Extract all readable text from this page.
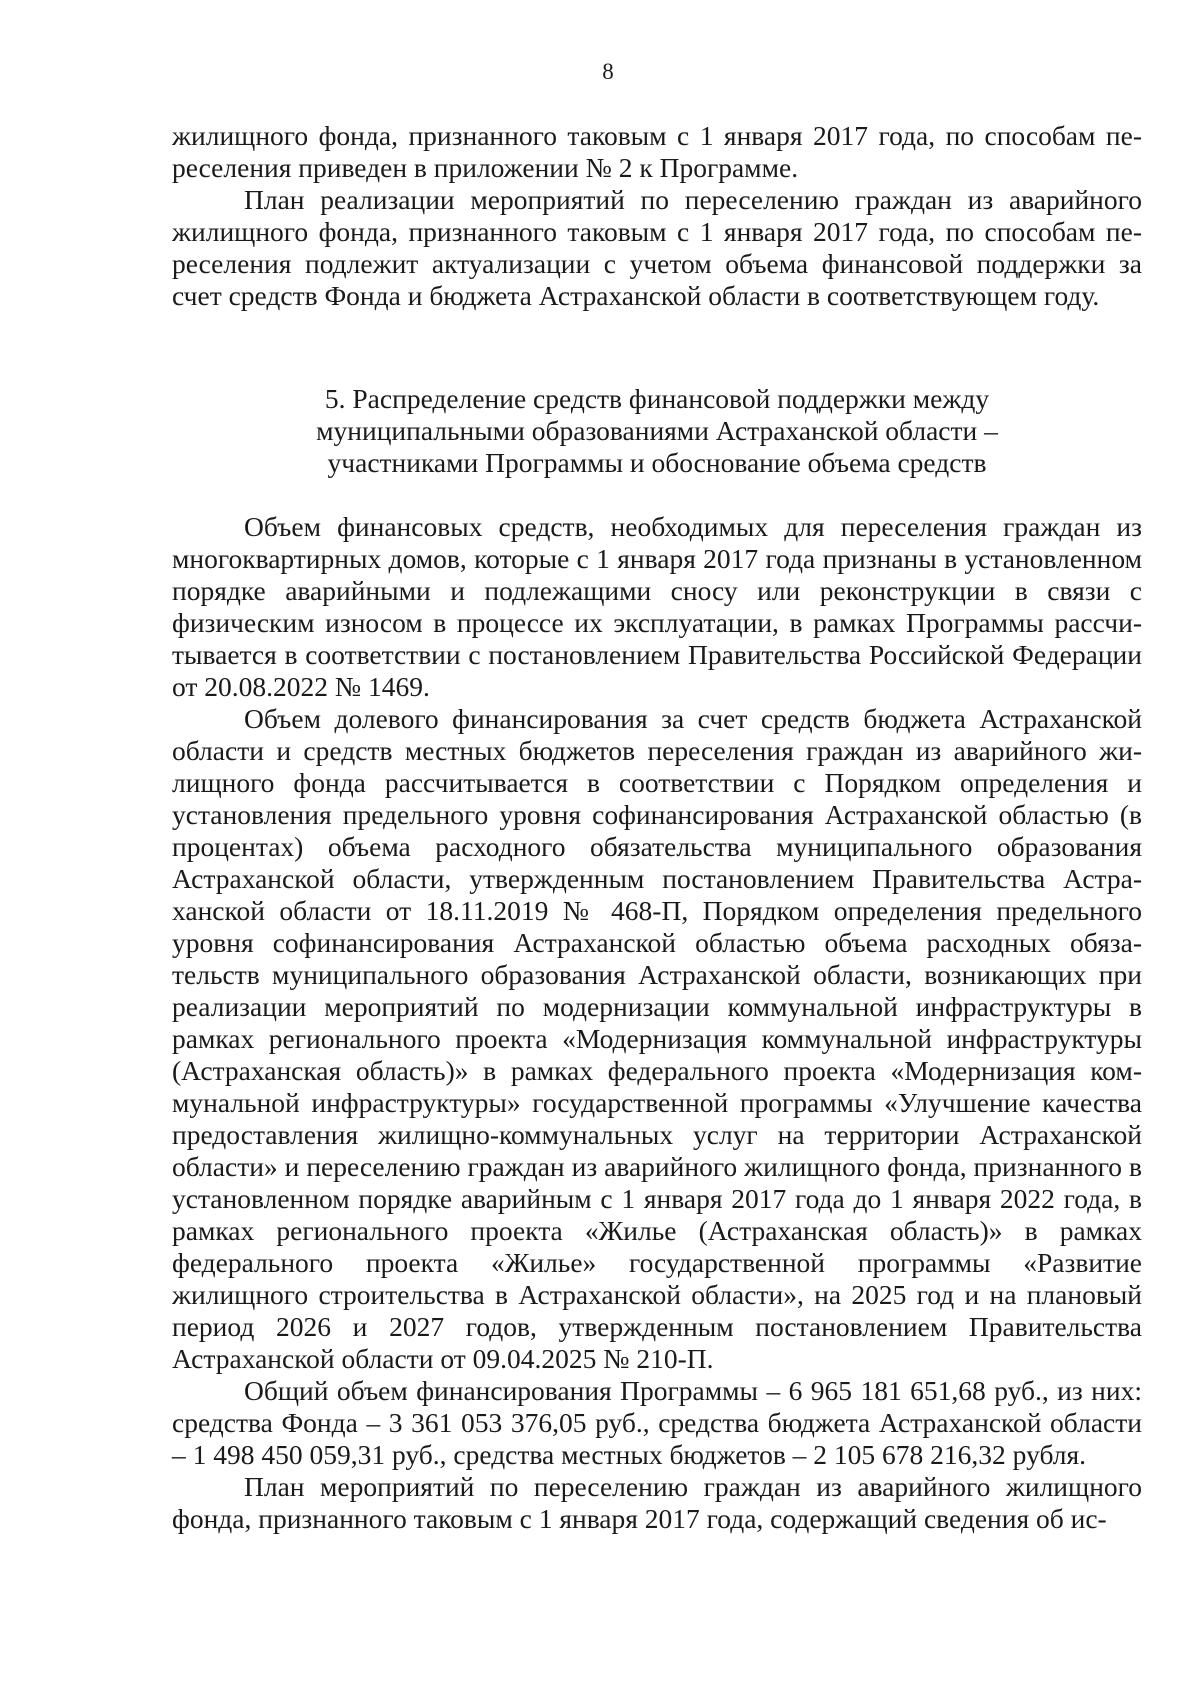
8

жилищного фонда, признанного таковым с 1 января 2017 года, по способам переселения приведен в приложении № 2 к Программе.

План реализации мероприятий по переселению граждан из аварийного жилищного фонда, признанного таковым с 1 января 2017 года, по способам переселения подлежит актуализации с учетом объема финансовой поддержки за счет средств Фонда и бюджета Астраханской области в соответствующем году.

5. Распределение средств финансовой поддержки между
муниципальными образованиями Астраханской области –
участниками Программы и обоснование объема средств

Объем финансовых средств, необходимых для переселения граждан из многоквартирных домов, которые с 1 января 2017 года признаны в установленном порядке аварийными и подлежащими сносу или реконструкции в связи с физическим износом в процессе их эксплуатации, в рамках Программы рассчитывается в соответствии с постановлением Правительства Российской Федерации от 20.08.2022 № 1469.

Объем долевого финансирования за счет средств бюджета Астраханской области и средств местных бюджетов переселения граждан из аварийного жилищного фонда рассчитывается в соответствии с Порядком определения и установления предельного уровня софинансирования Астраханской областью (в процентах) объема расходного обязательства муниципального образования Астраханской области, утвержденным постановлением Правительства Астраханской области от 18.11.2019 № 468-П, Порядком определения предельного уровня софинансирования Астраханской областью объема расходных обязательств муниципального образования Астраханской области, возникающих при реализации мероприятий по модернизации коммунальной инфраструктуры в рамках регионального проекта «Модернизация коммунальной инфраструктуры (Астраханская область)» в рамках федерального проекта «Модернизация коммунальной инфраструктуры» государственной программы «Улучшение качества предоставления жилищно-коммунальных услуг на территории Астраханской области» и переселению граждан из аварийного жилищного фонда, признанного в установленном порядке аварийным с 1 января 2017 года до 1 января 2022 года, в рамках регионального проекта «Жилье (Астраханская область)» в рамках федерального проекта «Жилье» государственной программы «Развитие жилищного строительства в Астраханской области», на 2025 год и на плановый период 2026 и 2027 годов, утвержденным постановлением Правительства Астраханской области от 09.04.2025 № 210-П.

Общий объем финансирования Программы – 6 965 181 651,68 руб., из них: средства Фонда – 3 361 053 376,05 руб., средства бюджета Астраханской области – 1 498 450 059,31 руб., средства местных бюджетов – 2 105 678 216,32 рубля.

План мероприятий по переселению граждан из аварийного жилищного фонда, признанного таковым с 1 января 2017 года, содержащий сведения об ис-
